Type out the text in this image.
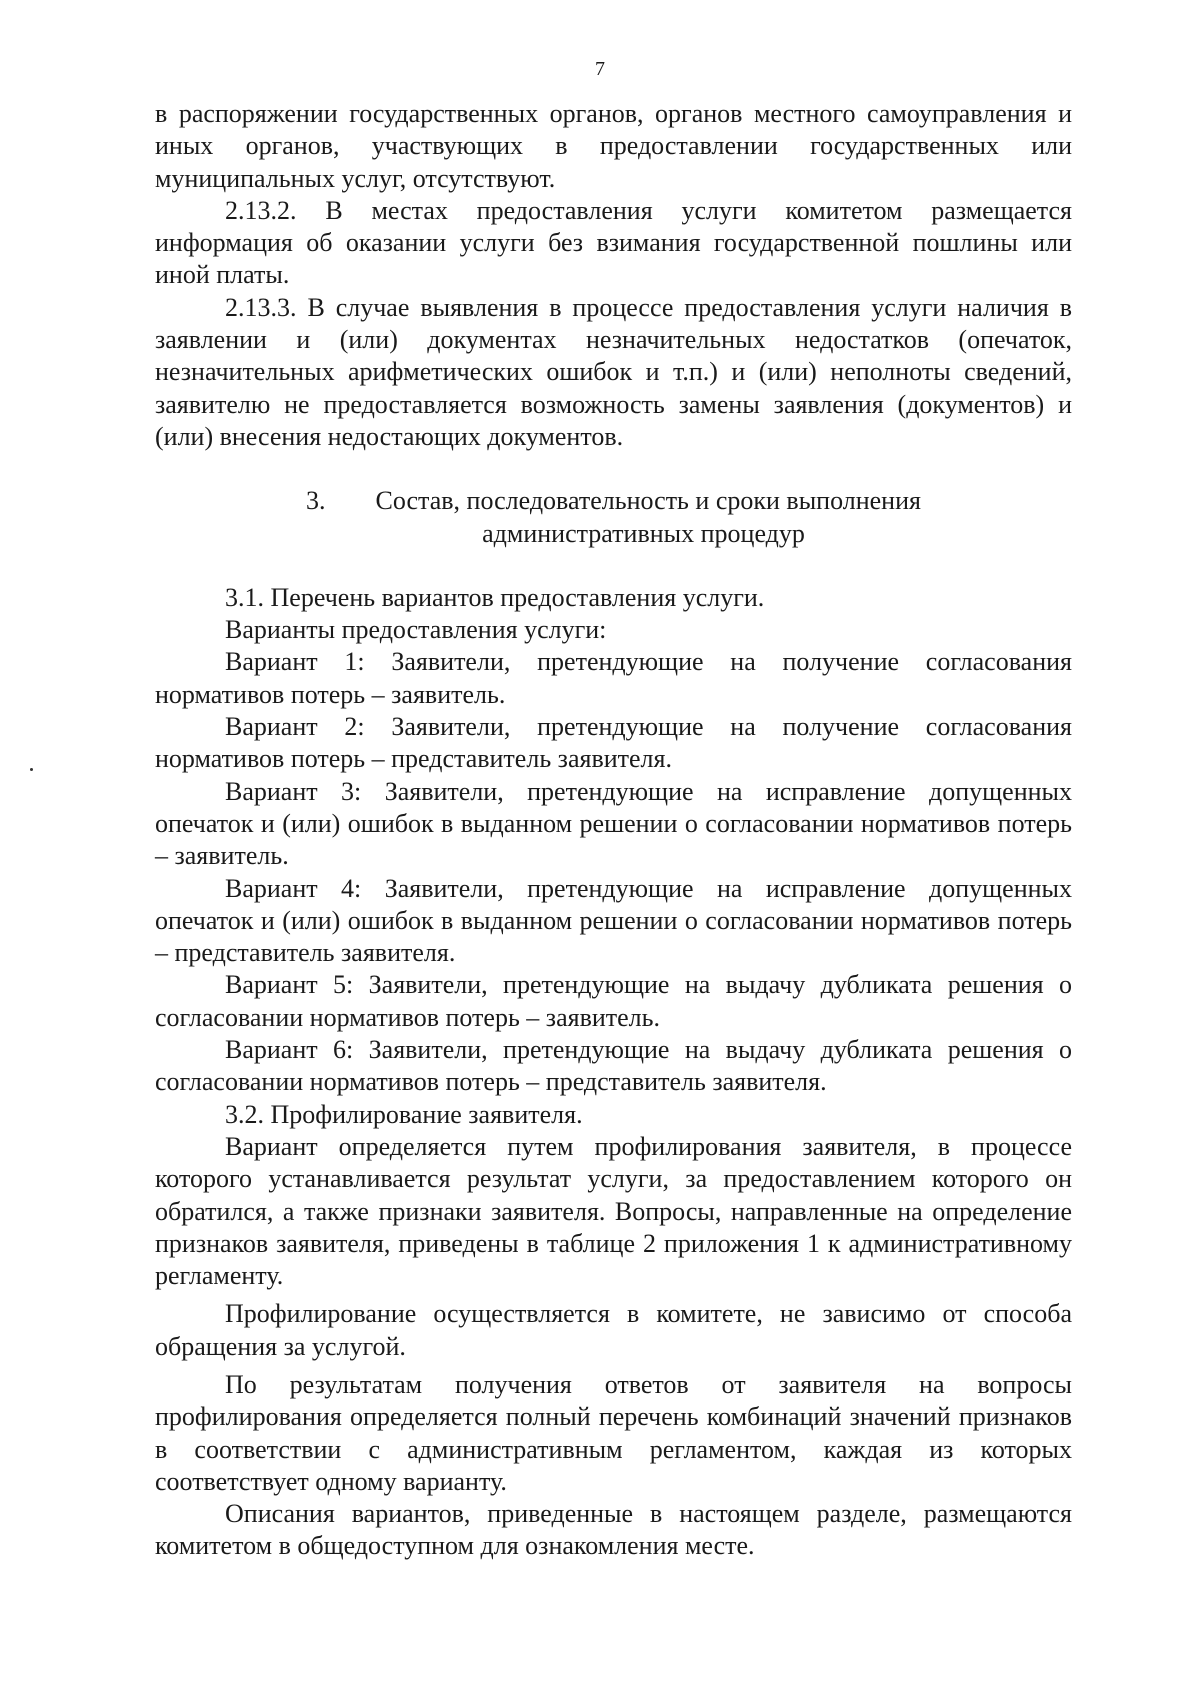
7

в распоряжении государственных органов, органов местного самоуправления и иных органов, участвующих в предоставлении государственных или муниципальных услуг, отсутствуют.

2.13.2. В местах предоставления услуги комитетом размещается информация об оказании услуги без взимания государственной пошлины или иной платы.

2.13.3. В случае выявления в процессе предоставления услуги наличия в заявлении и (или) документах незначительных недостатков (опечаток, незначительных арифметических ошибок и т.п.) и (или) неполноты сведений, заявителю не предоставляется возможность замены заявления (документов) и (или) внесения недостающих документов.

3. Состав, последовательность и сроки выполнения
административных процедур

3.1. Перечень вариантов предоставления услуги.

Варианты предоставления услуги:

Вариант 1: Заявители, претендующие на получение согласования нормативов потерь – заявитель.

Вариант 2: Заявители, претендующие на получение согласования нормативов потерь – представитель заявителя.

Вариант 3: Заявители, претендующие на исправление допущенных опечаток и (или) ошибок в выданном решении о согласовании нормативов потерь – заявитель.

Вариант 4: Заявители, претендующие на исправление допущенных опечаток и (или) ошибок в выданном решении о согласовании нормативов потерь – представитель заявителя.

Вариант 5: Заявители, претендующие на выдачу дубликата решения о согласовании нормативов потерь – заявитель.

Вариант 6: Заявители, претендующие на выдачу дубликата решения о согласовании нормативов потерь – представитель заявителя.

3.2. Профилирование заявителя.

Вариант определяется путем профилирования заявителя, в процессе которого устанавливается результат услуги, за предоставлением которого он обратился, а также признаки заявителя. Вопросы, направленные на определение признаков заявителя, приведены в таблице 2 приложения 1 к административному регламенту.

Профилирование осуществляется в комитете, не зависимо от способа обращения за услугой.

По результатам получения ответов от заявителя на вопросы профилирования определяется полный перечень комбинаций значений признаков в соответствии с административным регламентом, каждая из которых соответствует одному варианту.

Описания вариантов, приведенные в настоящем разделе, размещаются комитетом в общедоступном для ознакомления месте.
